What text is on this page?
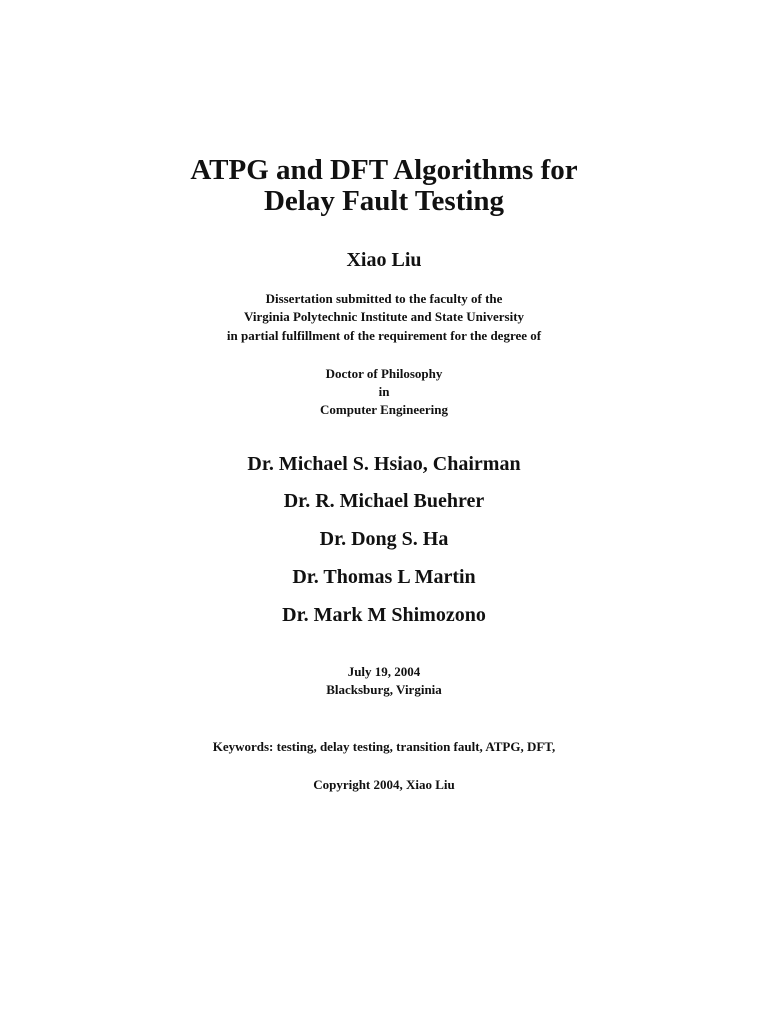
ATPG and DFT Algorithms for
Delay Fault Testing
Xiao Liu
Dissertation submitted to the faculty of the
Virginia Polytechnic Institute and State University
in partial fulfillment of the requirement for the degree of
Doctor of Philosophy
in
Computer Engineering
Dr. Michael S. Hsiao, Chairman
Dr. R. Michael Buehrer
Dr. Dong S. Ha
Dr. Thomas L Martin
Dr. Mark M Shimozono
July 19, 2004
Blacksburg, Virginia
Keywords: testing, delay testing, transition fault, ATPG, DFT,
Copyright 2004, Xiao Liu
